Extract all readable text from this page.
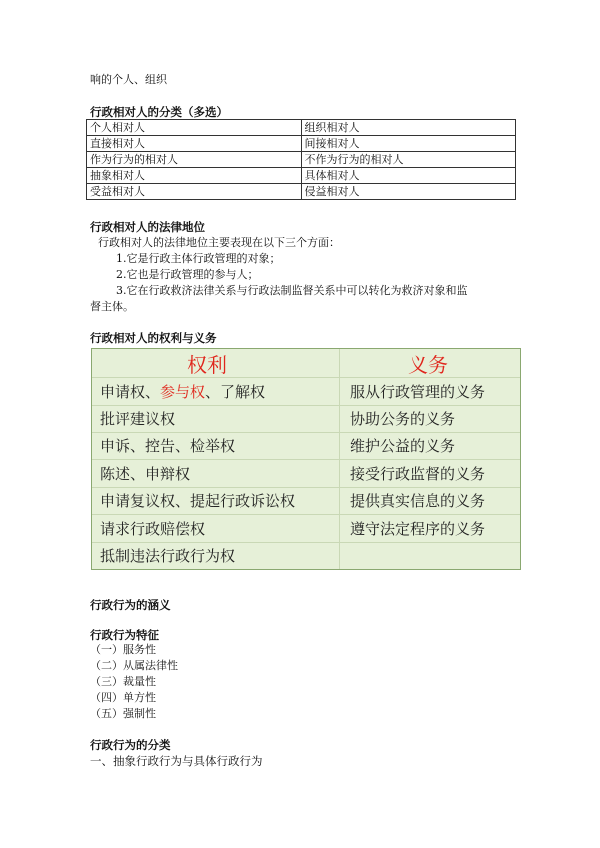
响的个人、组织
行政相对人的分类（多选）
个人相对人	组织相对人
直接相对人	间接相对人
作为行为的相对人	不作为行为的相对人
抽象相对人	具体相对人
受益相对人	侵益相对人
行政相对人的法律地位
行政相对人的法律地位主要表现在以下三个方面：
1.它是行政主体行政管理的对象；
2.它也是行政管理的参与人；
3.它在行政救济法律关系与行政法制监督关系中可以转化为救济对象和监
督主体。
行政相对人的权利与义务
权利	义务
申请权、 参与权 、了解权	服从行政管理的义务
批评建议权	协助公务的义务
申诉、控告、检举权	维护公益的义务
陈述、申辩权	接受行政监督的义务
申请复议权、提起行政诉讼权	提供真实信息的义务
请求行政赔偿权	遵守法定程序的义务
抵制违法行政行为权
行政行为的涵义
行政行为特征
（一）服务性
（二）从属法律性
（三）裁量性
（四）单方性
（五）强制性
行政行为的分类
一、抽象行政行为与具体行政行为
